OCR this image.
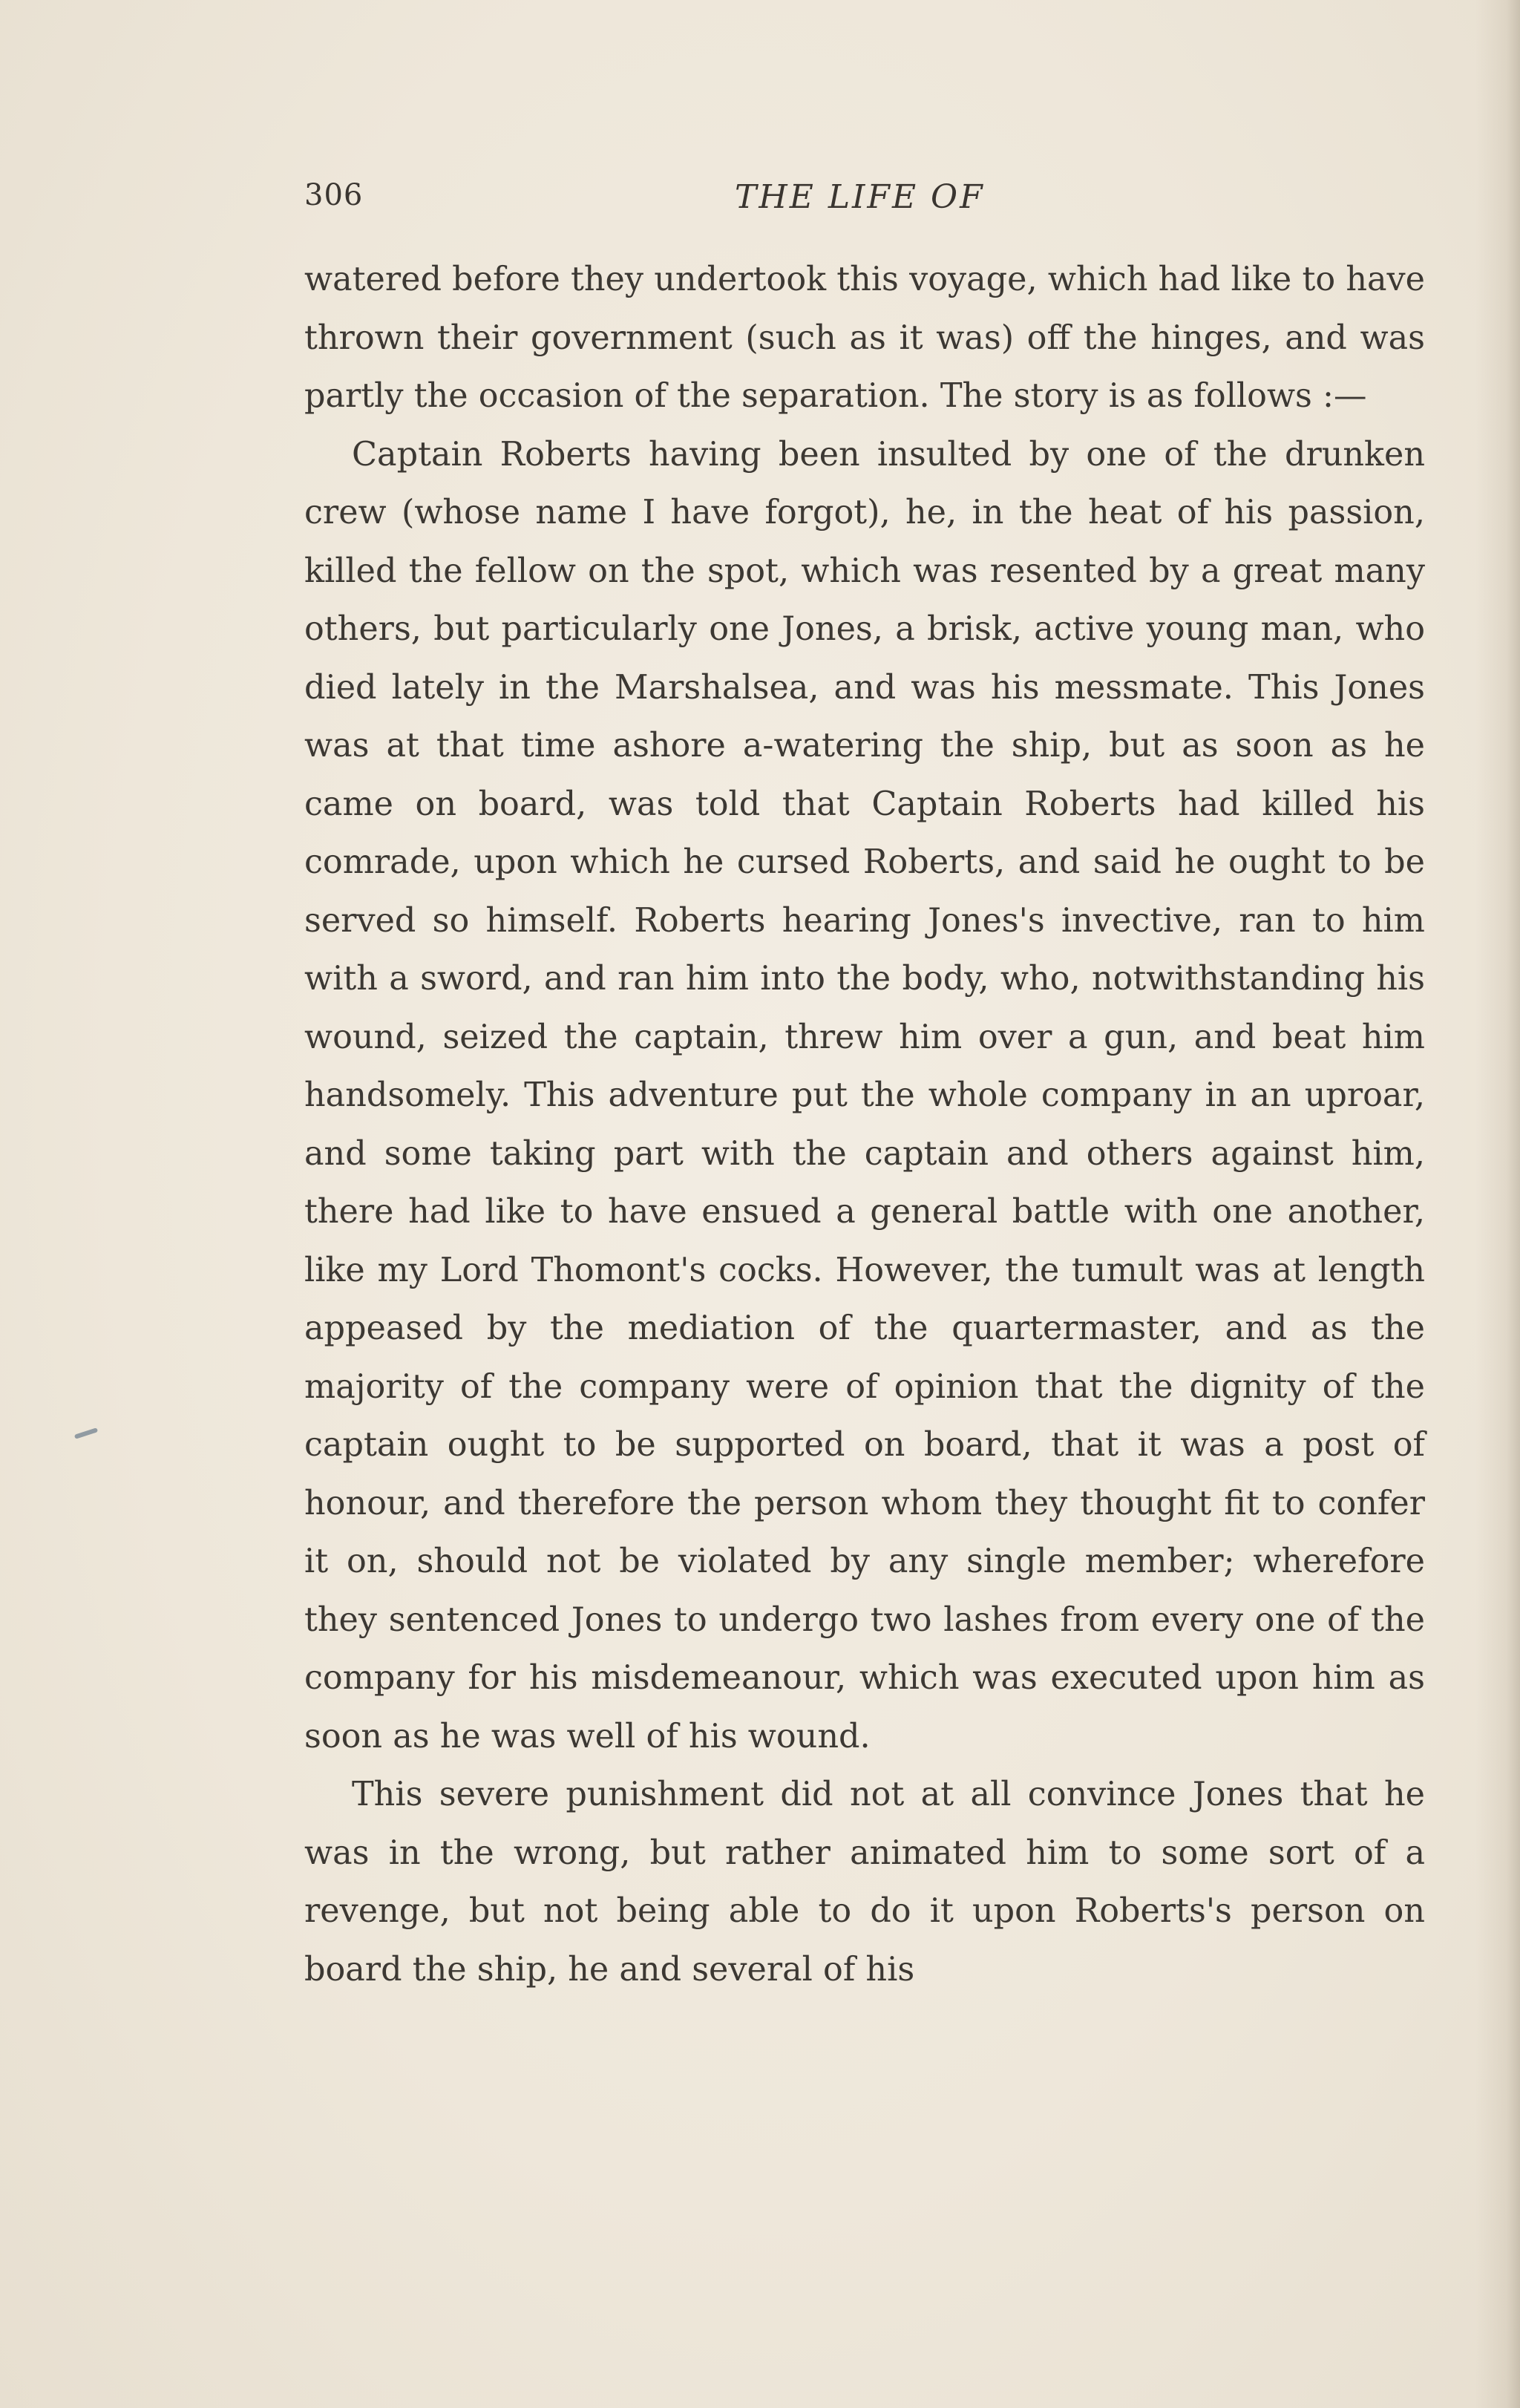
306	THE LIFE OF

watered before they undertook this voyage, which had like to have thrown their government (such as it was) off the hinges, and was partly the occasion of the separation. The story is as follows :—

Captain Roberts having been insulted by one of the drunken crew (whose name I have forgot), he, in the heat of his passion, killed the fellow on the spot, which was resented by a great many others, but particularly one Jones, a brisk, active young man, who died lately in the Marshalsea, and was his messmate. This Jones was at that time ashore a-watering the ship, but as soon as he came on board, was told that Captain Roberts had killed his comrade, upon which he cursed Roberts, and said he ought to be served so himself. Roberts hearing Jones's invective, ran to him with a sword, and ran him into the body, who, notwithstanding his wound, seized the captain, threw him over a gun, and beat him handsomely. This adventure put the whole company in an uproar, and some taking part with the captain and others against him, there had like to have ensued a general battle with one another, like my Lord Thomont's cocks. However, the tumult was at length appeased by the mediation of the quartermaster, and as the majority of the company were of opinion that the dignity of the captain ought to be supported on board, that it was a post of honour, and therefore the person whom they thought fit to confer it on, should not be violated by any single member; wherefore they sentenced Jones to undergo two lashes from every one of the company for his misdemeanour, which was executed upon him as soon as he was well of his wound.

This severe punishment did not at all convince Jones that he was in the wrong, but rather animated him to some sort of a revenge, but not being able to do it upon Roberts's person on board the ship, he and several of his
